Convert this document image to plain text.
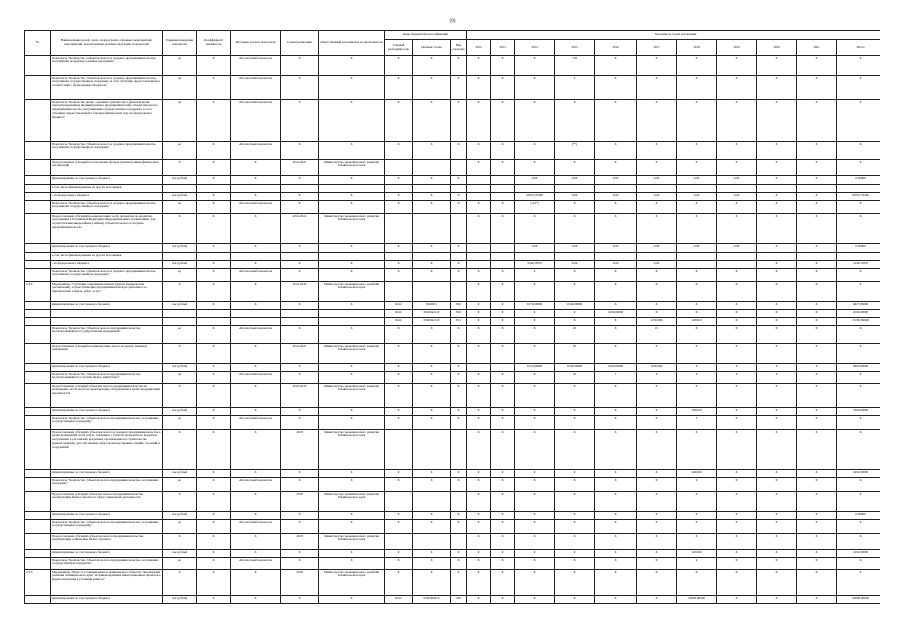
(9)
№	Наименование целей, задач, подпрограмм, основных мероприятий, мероприятий, ведомственных целевых программ, показателей	Единица измерения показателя	Коэффициент значимости	Методика расчета показателя	Сроки реализации	Ответственный исполнитель и соисполнитель	Коды бюджетной классификации			Значения по годам реализации										
							Главный распоряди-тель	Целевая статья	Вид расходов	2012	2013	2014	2015	2016	2017	2018	2019	2020	2021	Итого
	Показатель "Количество субъектов малого и среднего предпринимательства, получивших поддержку в рамках программы"	ед	Х	Абсолютный показатель	Х	Х	Х	Х	Х	Х	Х	Х	750	Х	Х	Х	Х	Х	Х	Х
	Показатель "Количество субъектов малого и среднего предпринимательства, получивших государственную поддержку за счет субсидии, предоставленной в соответствии с федеральным бюджетом"	ед	Х	Абсолютный показатель	Х	Х	Х	Х	Х	Х	Х	Х	4	Х	Х	Х	Х	Х	Х	Х
	Показатель "Количество вновь созданных рабочих мест (включая вновь зарегистрированных индивидуальных предпринимателей) субъектами малого предпринимательства, получившими государственную поддержку за счет субсидии, предоставленной в текущем финансовом году из федерального бюджета"	ед	Х	Абсолютный показатель	Х	Х	Х	Х	Х	Х	Х	Х	8	Х	Х	Х	Х	Х	Х	Х
	Показатель "Количество субъектов малого и среднего предпринимательства, получивших государственную поддержку"	ед	Х	Абсолютный показатель	Х	Х	Х	Х	Х	Х	Х	Х	(**)	Х	Х	Х	Х	Х	Х	Х
	Предоставление субсидий на пополнение фондов (активов) микрофинансовых организаций	Х	Х	Х	2014-2021	Министерство экономического развития Забайкальского края				Х	Х	Х	Х	Х	Х	Х	Х	Х	Х	Х
	финансирование за счет краевого бюджета	тыс.рублей	Х	Х	Х	Х	Х	Х	Х			0,00	0,00	0,00	0,00	0,00	0,00	Х	Х	0,00000
	в том числе финансирование из других источников																			
	- из федерального бюджета	тыс.рублей	Х	Х	Х	Х	Х	Х	Х			20591,70400	0,00	0,00	0,00	0,00	0,00	Х	Х	20591,70400
	Показатель "Количество субъектов малого и среднего предпринимательства, получивших государственную поддержку"	ед	Х	Абсолютный показатель	Х	Х	Х	Х	Х	Х	Х	(112*)	Х	Х	Х	Х	Х	Х	Х	Х
	Предоставление субсидий на компенсацию части процентов по кредитам, полученным в Российской Федерации микрофинансовых организациях, для осуществления микрозаймов (займов) субъектам малого и среднего предпринимательства	Х	Х	Х	2014-2021	Министерство экономического развития Забайкальского края				Х	Х	Х	Х	Х	Х	Х	Х	Х	Х	Х
	финансирование за счет краевого бюджета	тыс.рублей	Х	Х	Х	Х	Х	Х	Х			0,00	0,00	0,00	0,00	0,00	0,00	Х	Х	0,00000
	в том числе финансирование из других источников																			
	- из федерального бюджета	тыс.рублей	Х	Х	Х	Х	Х	Х	Х			3144,55870	0,00	0,00	0,00			Х	Х	3144,55870
	Показатель "Количество субъектов малого и среднего предпринимательства, получивших государственную поддержку"	ед	Х	Абсолютный показатель	Х	Х	Х	Х	Х	Х	Х	4	Х	Х	Х	Х	Х	Х	Х	Х
2.3.2.	Мероприятие "Субсидии социальным банкам (группа юридических организаций), осуществляющих предпринимательскую деятельность - приобретение товаров, работ, услуг"	Х	Х	Х	2014-2019	Министерство экономического развития Забайкальского края				Х	Х	Х	Х	Х	Х	Х	Х	Х	Х	Х
	финансирование за счет краевого бюджета	тыс.рублей	Х	Х	Х	Х	0412	0320011	810	Х	Х	6170,00000	1040,00000	Х	Х	Х	Х	Х	Х	6627,00000
							0412	0320042110	810	Х	Х	Х	Х	1000,00000	Х	Х	Х	Х	Х	1000,00000
							0412	0320042110	811	Х	Х	Х	Х	Х	1250,996	12000,0	Х	Х	Х	13250,99600
	Показатель "Количество субъектов малого предпринимательства, воспользовавшихся государственной поддержкой"	ед	Х	Абсолютный показатель	Х	Х	Х	Х	Х	Х	Х	Х	25	Х	15	Х	Х	Х	Х	Х
	Предоставление субсидий на компенсацию затрат на аренду нежилых помещений	Х	Х	Х	2014-2021	Министерство экономического развития Забайкальского края	Х	Х	Х	Х	Х	Х	25	Х	Х	Х	Х	Х	Х	Х
	финансирование за счет краевого бюджета	тыс.рублей	Х	Х	Х	Х	Х	Х	Х			6170,00000	1040,00000	1000,00000	1250,996	0	0	0	0	9460,99600
	Показатель "Количество субъектов малого предпринимательства, воспользовавшихся услугами бизнес-инкубатора"	ед	Х	Абсолютный показатель	Х	Х	Х	Х	Х	Х	Х	Х	25	7	6	0	0	0	Х	Х
	Предоставление субсидий субъектам малого предпринимательства на возмещение части затрат на приобретение оборудования в целях модернизации производства	Х	Х	Х	2018-2019	Министерство экономического развития Забайкальского края	Х	Х	Х	Х	Х	Х	Х	Х	Х	Х	Х	Х	Х	Х
	финансирование за счет краевого бюджета	тыс.рублей	Х	Х	Х	Х	Х	Х	Х	Х	Х	Х	Х	Х	Х	7400,00	Х	Х	Х	7400,00000
	Показатель "Количество субъектов малого предпринимательства, получивших государственную поддержку"	ед	Х	Абсолютный показатель	Х	Х	Х	Х	Х	Х	Х	Х	Х	Х	Х	5	Х	Х	Х	Х
	Предоставление субсидий субъектам малого и среднего предпринимательства в целях возмещения части затрат, связанных с уплатой процентов по кредитам, полученным в российских кредитных организациях на строительство (реконструкцию) для собственных нужд производственных зданий, строений и сооружений	Х	Х	Х	2018	Министерство экономического развития Забайкальского края				Х	Х	Х	Х	Х	Х	Х	Х	Х	Х	Х
	финансирование за счет краевого бюджета	тыс.рублей	Х	Х	Х	Х	Х	Х	Х	Х	Х	Х	Х	Х	Х	2400,00	Х	Х	Х	2400,00000
	Показатель "Количество субъектов малого предпринимательства, получивших поддержку"	ед	Х	Абсолютный показатель	Х	Х	Х	Х	Х	Х	Х	Х	Х	Х	Х	6	Х	Х	Х	Х
	Предоставление субсидий субъектам малого предпринимательства, реализующим бизнес-проекты в сфере социальной деятельности	Х	Х	Х	2018	Министерство экономического развития Забайкальского края				Х	Х	Х	Х	Х	Х	Х	Х	Х	Х	Х
	финансирование за счет краевого бюджета	тыс.рублей	Х	Х	Х	Х	Х	Х	Х	Х	Х	Х	Х	Х	Х	Х	Х	Х	Х	0,00000
	Показатель "Количество субъектов малого предпринимательства, получивших государственную поддержку"	ед	Х	Абсолютный показатель	Х	Х	Х	Х	Х	Х	Х	Х	Х	Х	Х	Х	Х	Х	Х	Х
	Предоставление субсидий субъектам малого предпринимательства, реализующим социальные бизнес-проекты	Х	Х	Х	2018	Министерство экономического развития Забайкальского края				Х	Х	Х	Х	Х	Х	Х	Х	Х	Х	Х
	финансирование за счет краевого бюджета	тыс.рублей	Х	Х	Х	Х	Х	Х	Х	Х	Х	Х	Х	Х	Х	1200,00	Х	Х	Х	1200,00000
	Показатель "Количество субъектов малого предпринимательства, получивших государственную поддержку"	ед	Х	Абсолютный показатель	Х	Х	Х	Х	Х	Х	Х	Х	Х	Х	Х	4	Х	Х	Х	Х
2.3.3.	Мероприятие "Взнос в уставный капитал акционерного общества "Корпорация развития Забайкальского края" на финансирование инвестиционных проектов в форме вхождения в уставный капитал"	Х	Х	Х	2018	Министерство экономического развития Забайкальского края	Х	Х	Х	Х	Х	Х	Х	Х	Х	Х	Х	Х	Х	Х
	финансирование за счет краевого бюджета	тыс.рублей	Х	Х	Х	Х	0412	0320309410	452	Х	Х	Х	Х	Х	Х	20000,00000	Х	Х	Х	20000,00000
